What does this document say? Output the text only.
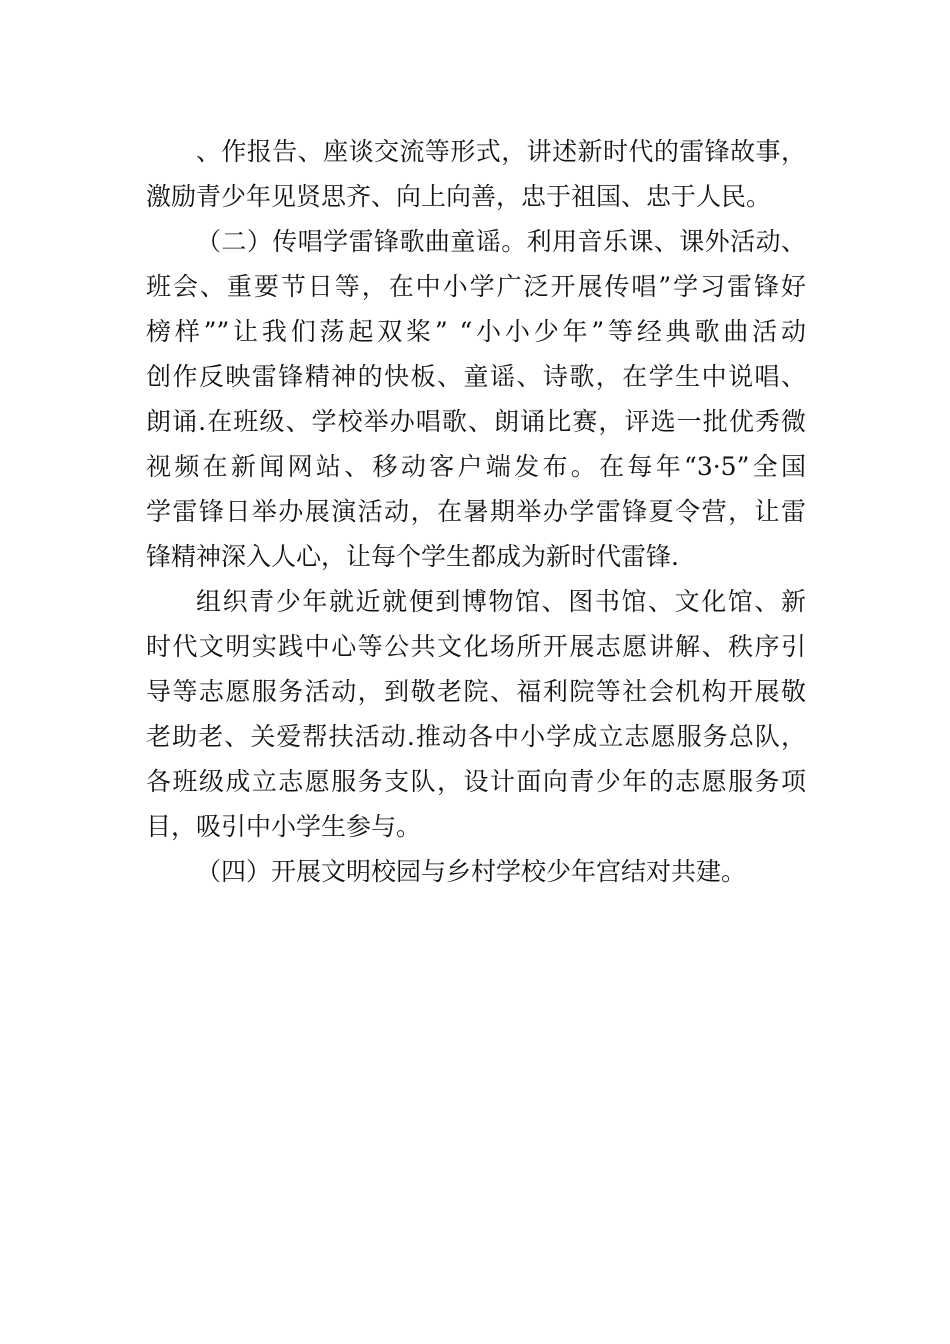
、作报告、座谈交流等形式，讲述新时代的雷锋故事，
激励青少年见贤思齐、向上向善，忠于祖国、忠于人民。
（二）传唱学雷锋歌曲童谣。利用音乐课、课外活动、
班会、重要节日等，在中小学广泛开展传唱”学习雷锋好
榜样””让我们荡起双桨” “小小少年”等经典歌曲活动
创作反映雷锋精神的快板、童谣、诗歌，在学生中说唱、
朗诵.在班级、学校举办唱歌、朗诵比赛，评选一批优秀微
视频在新闻网站、移动客户端发布。在每年“3·5”全国
学雷锋日举办展演活动，在暑期举办学雷锋夏令营，让雷
锋精神深入人心，让每个学生都成为新时代雷锋.
组织青少年就近就便到博物馆、图书馆、文化馆、新
时代文明实践中心等公共文化场所开展志愿讲解、秩序引
导等志愿服务活动，到敬老院、福利院等社会机构开展敬
老助老、关爱帮扶活动.推动各中小学成立志愿服务总队，
各班级成立志愿服务支队，设计面向青少年的志愿服务项
目，吸引中小学生参与。
（四）开展文明校园与乡村学校少年宫结对共建。
